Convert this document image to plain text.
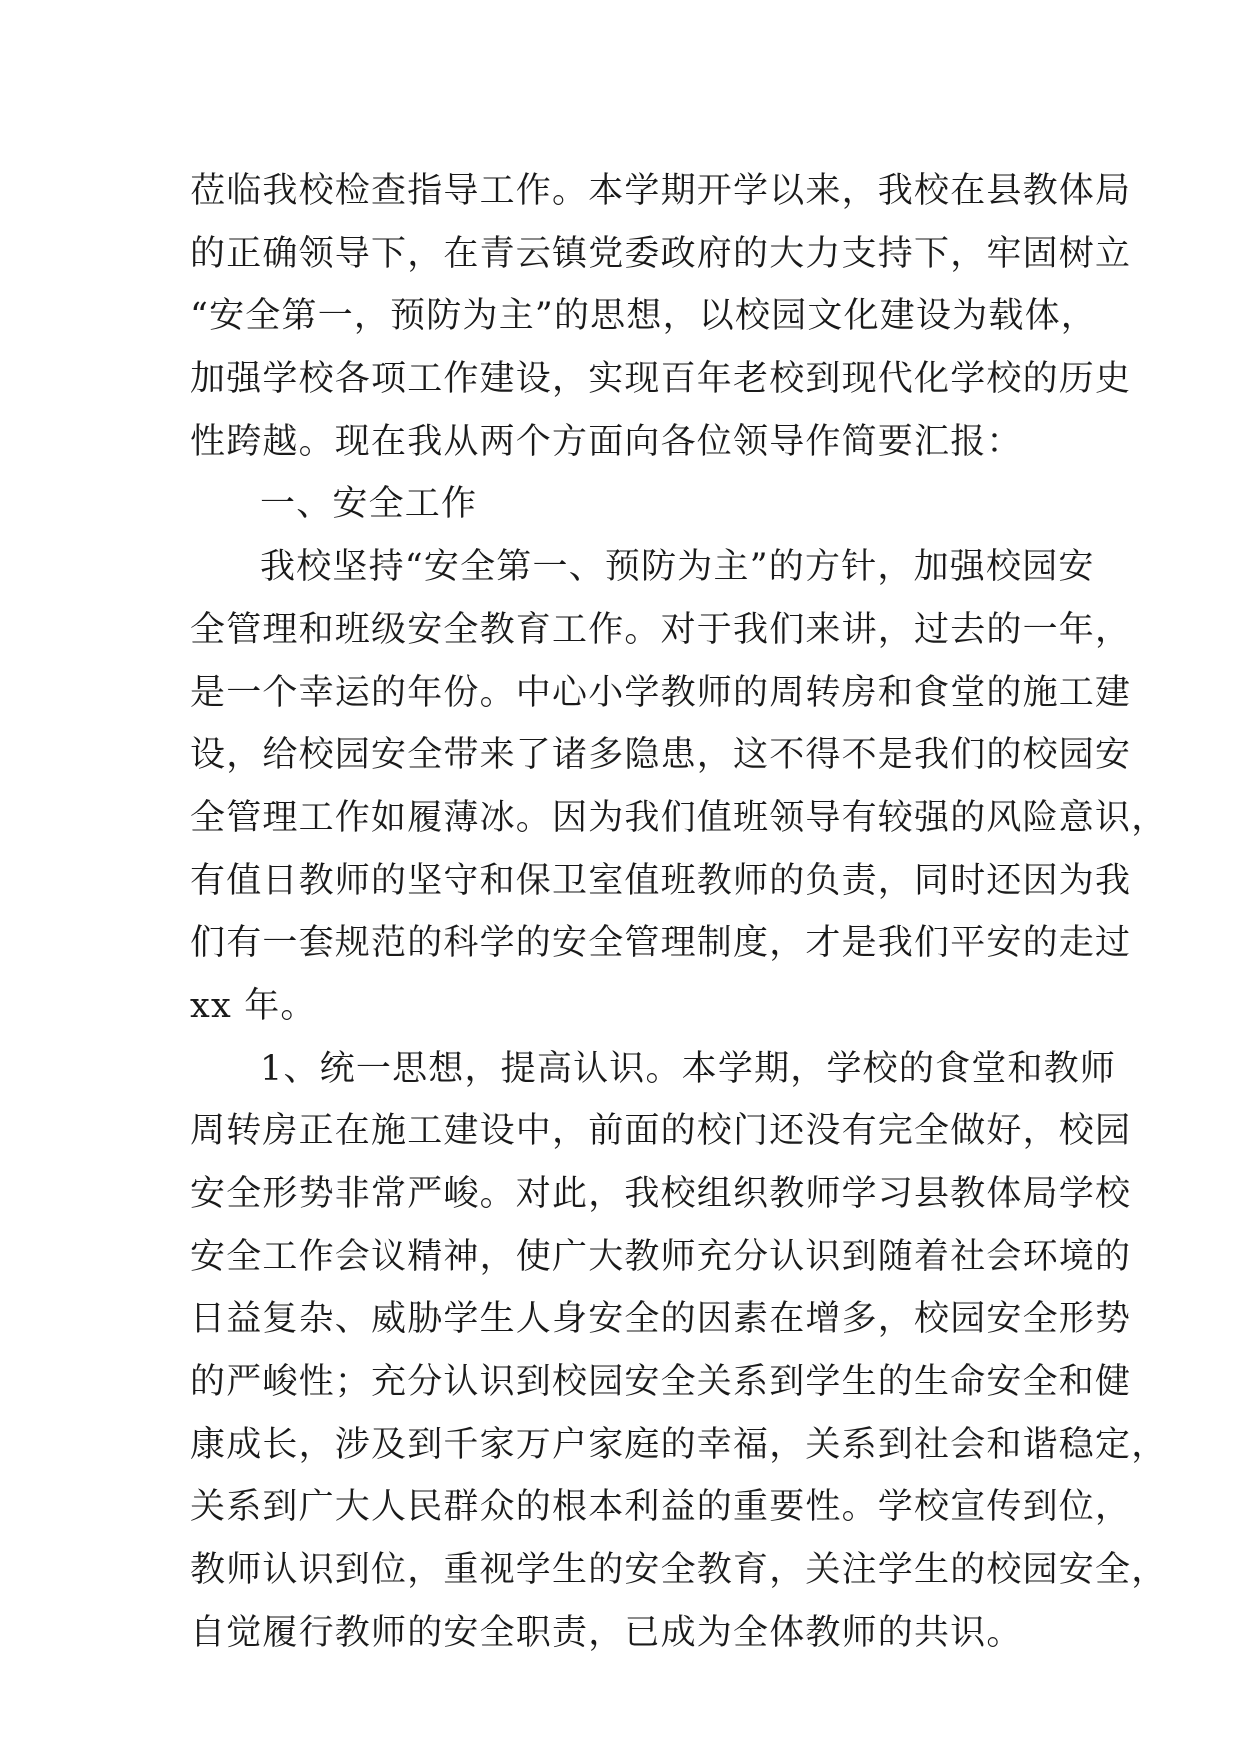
莅临我校检查指导工作。本学期开学以来，我校在县教体局
的正确领导下，在青云镇党委政府的大力支持下，牢固树立
“安全第一，预防为主”的思想，以校园文化建设为载体，
加强学校各项工作建设，实现百年老校到现代化学校的历史
性跨越。现在我从两个方面向各位领导作简要汇报：

一、安全工作

我校坚持“安全第一、预防为主”的方针，加强校园安
全管理和班级安全教育工作。对于我们来讲，过去的一年，
是一个幸运的年份。中心小学教师的周转房和食堂的施工建
设，给校园安全带来了诸多隐患，这不得不是我们的校园安
全管理工作如履薄冰。因为我们值班领导有较强的风险意识，
有值日教师的坚守和保卫室值班教师的负责，同时还因为我
们有一套规范的科学的安全管理制度，才是我们平安的走过
xx 年。

1、统一思想，提高认识。本学期，学校的食堂和教师
周转房正在施工建设中，前面的校门还没有完全做好，校园
安全形势非常严峻。对此，我校组织教师学习县教体局学校
安全工作会议精神，使广大教师充分认识到随着社会环境的
日益复杂、威胁学生人身安全的因素在增多，校园安全形势
的严峻性；充分认识到校园安全关系到学生的生命安全和健
康成长，涉及到千家万户家庭的幸福，关系到社会和谐稳定，
关系到广大人民群众的根本利益的重要性。学校宣传到位，
教师认识到位，重视学生的安全教育，关注学生的校园安全，
自觉履行教师的安全职责，已成为全体教师的共识。
